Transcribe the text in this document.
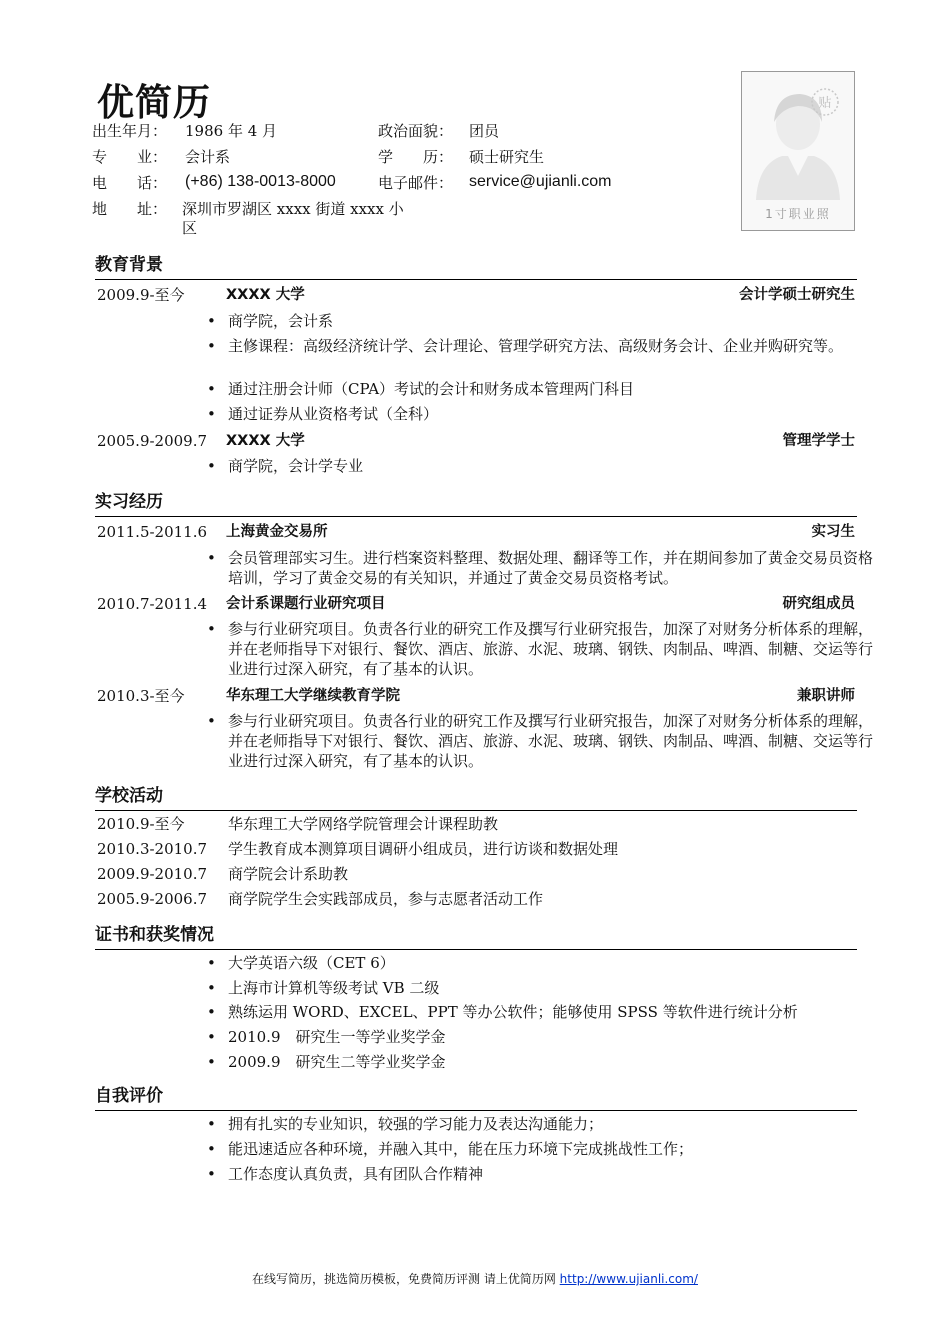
优简历
出生年月： 1986 年 4 月	政治面貌： 团员
专　　业： 会计系	学　　历： 硕士研究生
电　　话： (+86) 138-0013-8000	电子邮件： service@ujianli.com
地　　址： 深圳市罗湖区 xxxx 街道 xxxx 小区
贴
1寸职业照
教育背景
2009.9-至今	XXXX 大学	会计学硕士研究生
• 商学院，会计系
• 主修课程：高级经济统计学、会计理论、管理学研究方法、高级财务会计、企业并购研究等。
• 通过注册会计师（CPA）考试的会计和财务成本管理两门科目
• 通过证券从业资格考试（全科）
2005.9-2009.7 XXXX 大学	管理学学士
• 商学院，会计学专业
实习经历
2011.5-2011.6 上海黄金交易所	实习生
• 会员管理部实习生。进行档案资料整理、数据处理、翻译等工作，并在期间参加了黄金交易员资格培训，学习了黄金交易的有关知识，并通过了黄金交易员资格考试。
2010.7-2011.4 会计系课题行业研究项目	研究组成员
• 参与行业研究项目。负责各行业的研究工作及撰写行业研究报告，加深了对财务分析体系的理解，并在老师指导下对银行、餐饮、酒店、旅游、水泥、玻璃、钢铁、肉制品、啤酒、制糖、交运等行业进行过深入研究，有了基本的认识。
2010.3-至今	华东理工大学继续教育学院	兼职讲师
• 参与行业研究项目。负责各行业的研究工作及撰写行业研究报告，加深了对财务分析体系的理解，并在老师指导下对银行、餐饮、酒店、旅游、水泥、玻璃、钢铁、肉制品、啤酒、制糖、交运等行业进行过深入研究，有了基本的认识。
学校活动
2010.9-至今	华东理工大学网络学院管理会计课程助教
2010.3-2010.7 学生教育成本测算项目调研小组成员，进行访谈和数据处理
2009.9-2010.7 商学院会计系助教
2005.9-2006.7 商学院学生会实践部成员，参与志愿者活动工作
证书和获奖情况
• 大学英语六级（CET 6）
• 上海市计算机等级考试 VB 二级
• 熟练运用 WORD、EXCEL、PPT 等办公软件；能够使用 SPSS 等软件进行统计分析
• 2010.9　研究生一等学业奖学金
• 2009.9　研究生二等学业奖学金
自我评价
• 拥有扎实的专业知识，较强的学习能力及表达沟通能力；
• 能迅速适应各种环境，并融入其中，能在压力环境下完成挑战性工作；
• 工作态度认真负责，具有团队合作精神
在线写简历，挑选简历模板，免费简历评测 请上优简历网 http://www.ujianli.com/
